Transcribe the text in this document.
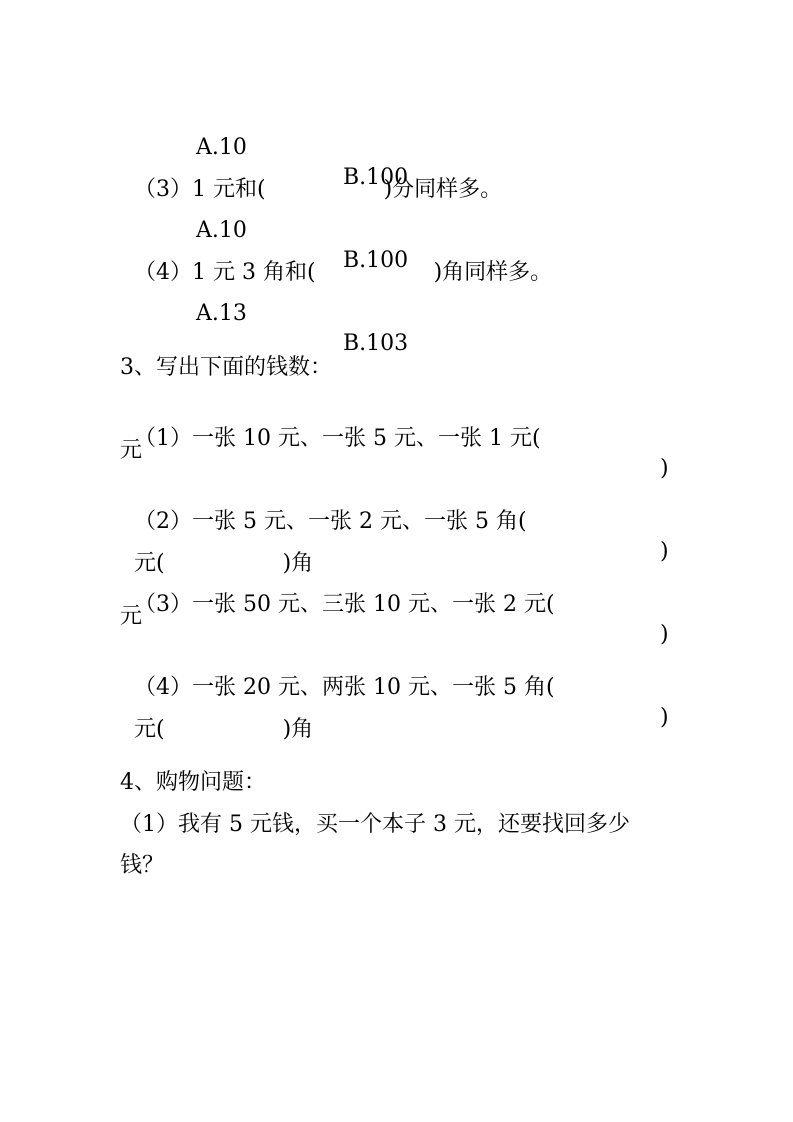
A.10

B.100

（3）1 元和(	)分同样多。

A.10

B.100

（4）1 元 3 角和(	)角同样多。

A.13

B.103

3、写出下面的钱数：

（1）一张 10 元、一张 5 元、一张 1 元(

)

元

（2）一张 5 元、一张 2 元、一张 5 角(

)

元(	)角

（3）一张 50 元、三张 10 元、一张 2 元(

)

元

（4）一张 20 元、两张 10 元、一张 5 角(

)

元(	)角

4、购物问题：
（1）我有 5 元钱，买一个本子 3 元，还要找回多少
钱？
